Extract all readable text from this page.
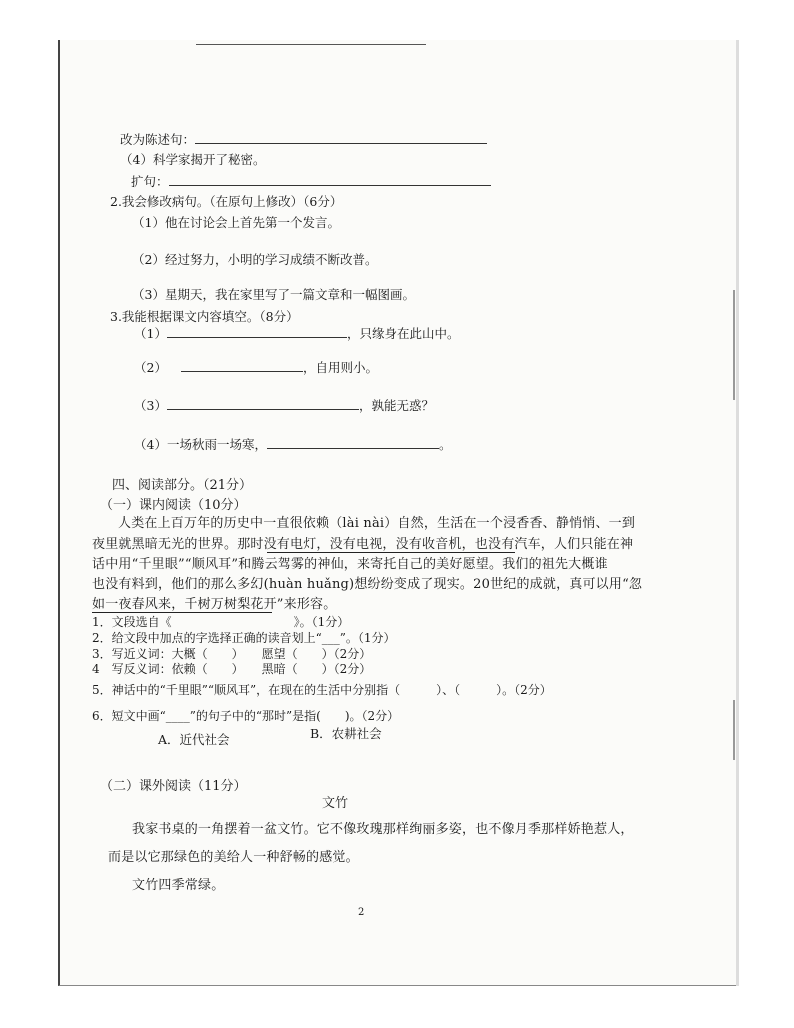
改为陈述句：
（4）科学家揭开了秘密。
扩句：
2.我会修改病句。（在原句上修改）（6分）
（1）他在讨论会上首先第一个发言。
（2）经过努力，小明的学习成绩不断改普。
（3）星期天，我在家里写了一篇文章和一幅图画。
3.我能根据课文内容填空。（8分）
（1）	，只缘身在此山中。
（2）	，自用则小。
（3）	，孰能无惑？
（4）一场秋雨一场寒，	。
四、阅读部分。（21分）
（一）课内阅读（10分）
人类在上百万年的历史中一直很依赖（lài nài）自然，生活在一个浸香香、静悄悄、一到
夜里就黑暗无光的世界。那时没有电灯，没有电视，没有收音机，也没有汽车，人们只能在神
话中用“千里眼”“顺风耳”和腾云驾雾的神仙，来寄托自己的美好愿望。我们的祖先大概谁
也没有料到，他们的那么多幻(huàn huǎng)想纷纷变成了现实。20世纪的成就，真可以用“忽
如一夜春风来，千树万树梨花开”来形容。
1．文段选自《	》。（1分）
2．给文段中加点的字选择正确的读音划上“___”。（1分）
3．写近义词：大概（　　）　　愿望（　　）（2分）
4　写反义词：依赖（　　）　　黑暗（　　）（2分）
5．神话中的“千里眼”“顺风耳”，在现在的生活中分别指（　　　）、（　　　）。（2分）
6．短文中画“____”的句子中的“那时”是指(　　)。（2分）
A．近代社会	B．农耕社会
（二）课外阅读（11分）
文竹
我家书桌的一角摆着一盆文竹。它不像玫瑰那样绚丽多姿，也不像月季那样娇艳惹人，
而是以它那绿色的美给人一种舒畅的感觉。
文竹四季常绿。
2
